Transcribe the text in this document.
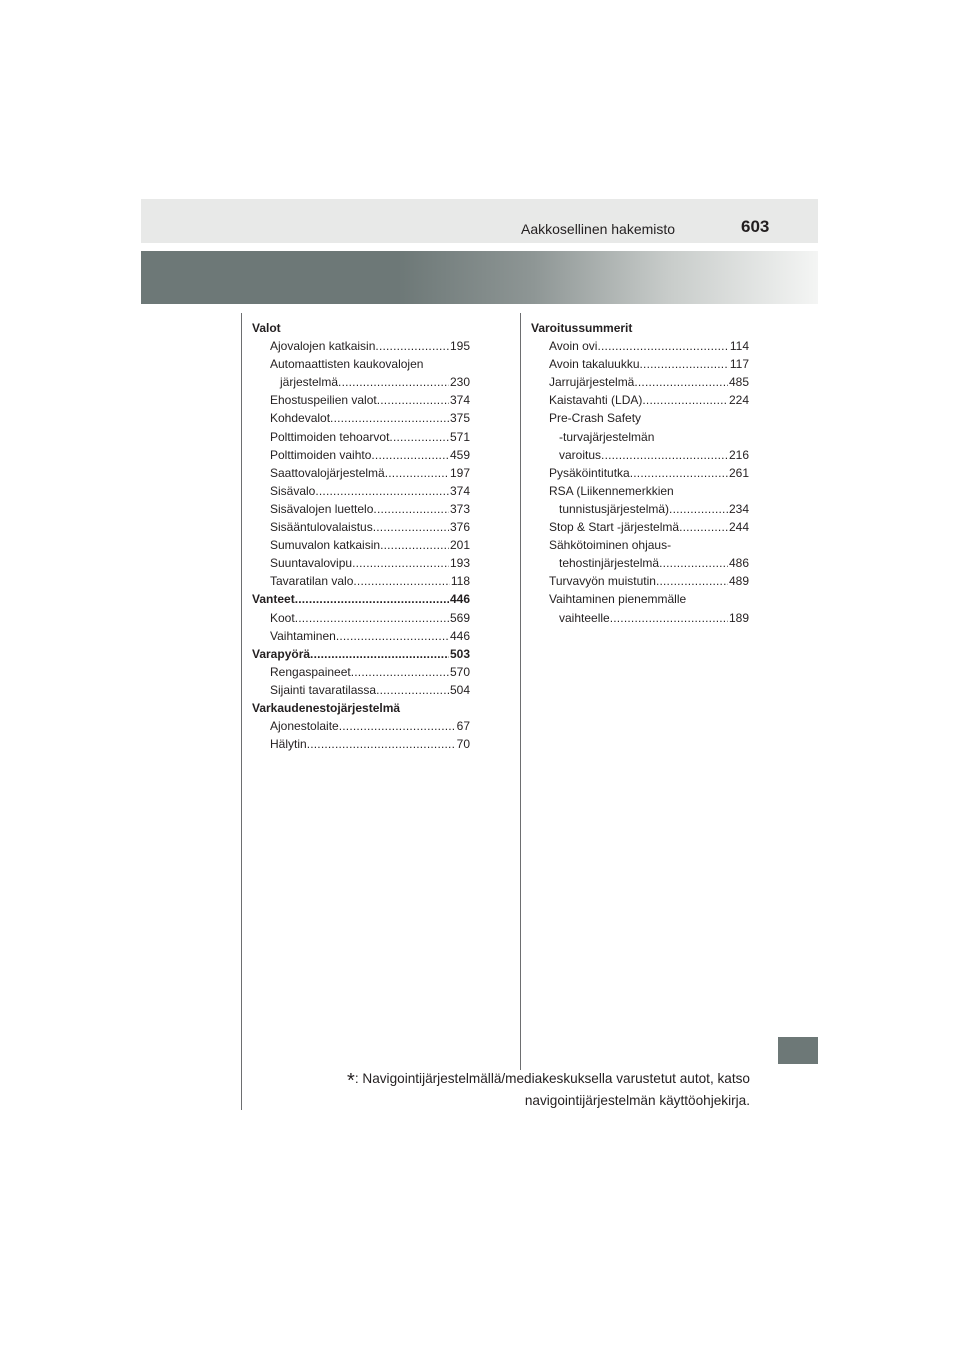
Aakkosellinen hakemisto	603
Valot
Ajovalojen katkaisin .....	195
Automaattisten kaukovalojen
järjestelmä .....	230
Ehostuspeilien valot .....	374
Kohdevalot .....	375
Polttimoiden tehoarvot .....	571
Polttimoiden vaihto .....	459
Saattovalojärjestelmä .....	197
Sisävalo .....	374
Sisävalojen luettelo .....	373
Sisääntulovalaistus .....	376
Sumuvalon katkaisin .....	201
Suuntavalovipu .....	193
Tavaratilan valo .....	118
Vanteet .....	446
Koot .....	569
Vaihtaminen .....	446
Varapyörä .....	503
Rengaspaineet .....	570
Sijainti tavaratilassa .....	504
Varkaudenestojärjestelmä
Ajonestolaite .....	67
Hälytin .....	70
Varoitussummerit
Avoin ovi .....	114
Avoin takaluukku .....	117
Jarrujärjestelmä .....	485
Kaistavahti (LDA) .....	224
Pre-Crash Safety
-turvajärjestelmän
varoitus .....	216
Pysäköintitutka .....	261
RSA (Liikennemerkkien
tunnistusjärjestelmä) .....	234
Stop & Start -järjestelmä .....	244
Sähkötoiminen ohjaus-
tehostinjärjestelmä .....	486
Turvavyön muistutin .....	489
Vaihtaminen pienemmälle
vaihteelle .....	189
*: Navigointijärjestelmällä/mediakeskuksella varustetut autot, katso
navigointijärjestelmän käyttöohjekirja.
